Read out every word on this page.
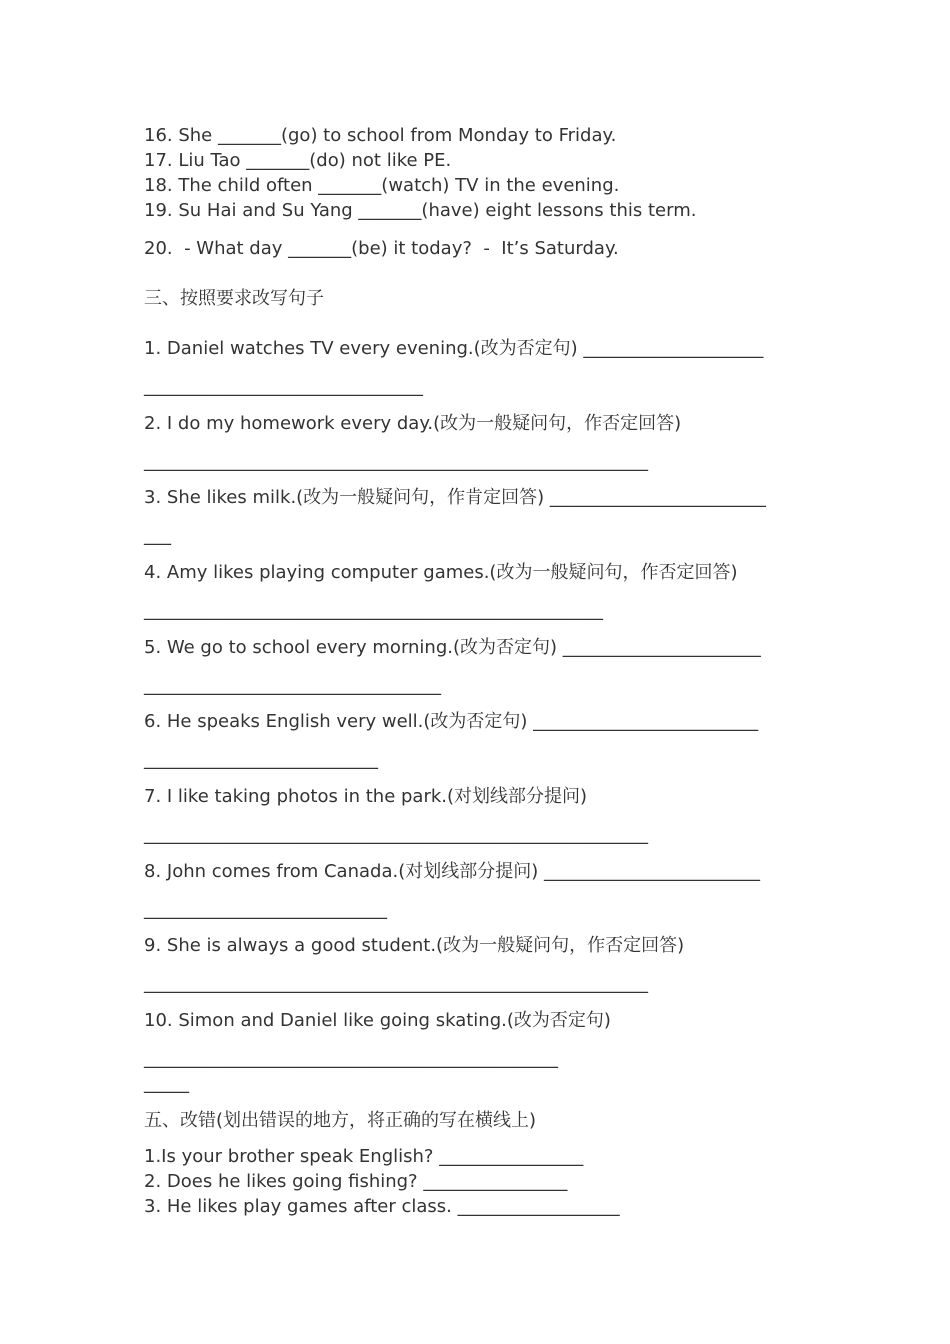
16. She _______(go) to school from Monday to Friday.
17. Liu Tao _______(do) not like PE.
18. The child often _______(watch) TV in the evening.
19. Su Hai and Su Yang _______(have) eight lessons this term.
20.  - What day _______(be) it today?  -  It’s Saturday.
三、按照要求改写句子
1. Daniel watches TV every evening.(改为否定句) ____________________
_______________________________
2. I do my homework every day.(改为一般疑问句，作否定回答)
________________________________________________________
3. She likes milk.(改为一般疑问句，作肯定回答) ________________________
___
4. Amy likes playing computer games.(改为一般疑问句，作否定回答)
___________________________________________________
5. We go to school every morning.(改为否定句) ______________________
_________________________________
6. He speaks English very well.(改为否定句) _________________________
__________________________
7. I like taking photos in the park.(对划线部分提问)
________________________________________________________
8. John comes from Canada.(对划线部分提问) ________________________
___________________________
9. She is always a good student.(改为一般疑问句，作否定回答)
________________________________________________________
10. Simon and Daniel like going skating.(改为否定句)
______________________________________________
_____
五、改错(划出错误的地方，将正确的写在横线上)
1.Is your brother speak English? ________________
2. Does he likes going fishing? ________________
3. He likes play games after class. __________________
